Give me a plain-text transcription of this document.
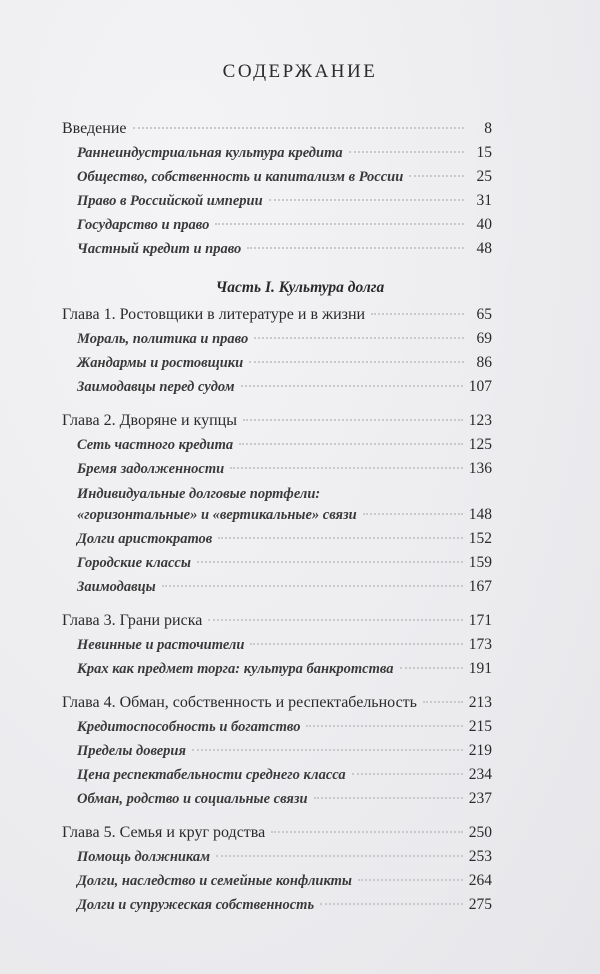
СОДЕРЖАНИЕ
Введение	8
Раннеиндустриальная культура кредита	15
Общество, собственность и капитализм в России	25
Право в Российской империи	31
Государство и право	40
Частный кредит и право	48
Глава 1. Ростовщики в литературе и в жизни	65
Мораль, политика и право	69
Жандармы и ростовщики	86
Заимодавцы перед судом	107
Глава 2. Дворяне и купцы	123
Сеть частного кредита	125
Бремя задолженности	136
Индивидуальные долговые портфели:
«горизонтальные» и «вертикальные» связи	148
Долги аристократов	152
Городские классы	159
Заимодавцы	167
Глава 3. Грани риска	171
Невинные и расточители	173
Крах как предмет торга: культура банкротства	191
Глава 4. Обман, собственность и респектабельность	213
Кредитоспособность и богатство	215
Пределы доверия	219
Цена респектабельности среднего класса	234
Обман, родство и социальные связи	237
Глава 5. Семья и круг родства	250
Помощь должникам	253
Долги, наследство и семейные конфликты	264
Долги и супружеская собственность	275
Часть I. Культура долга
